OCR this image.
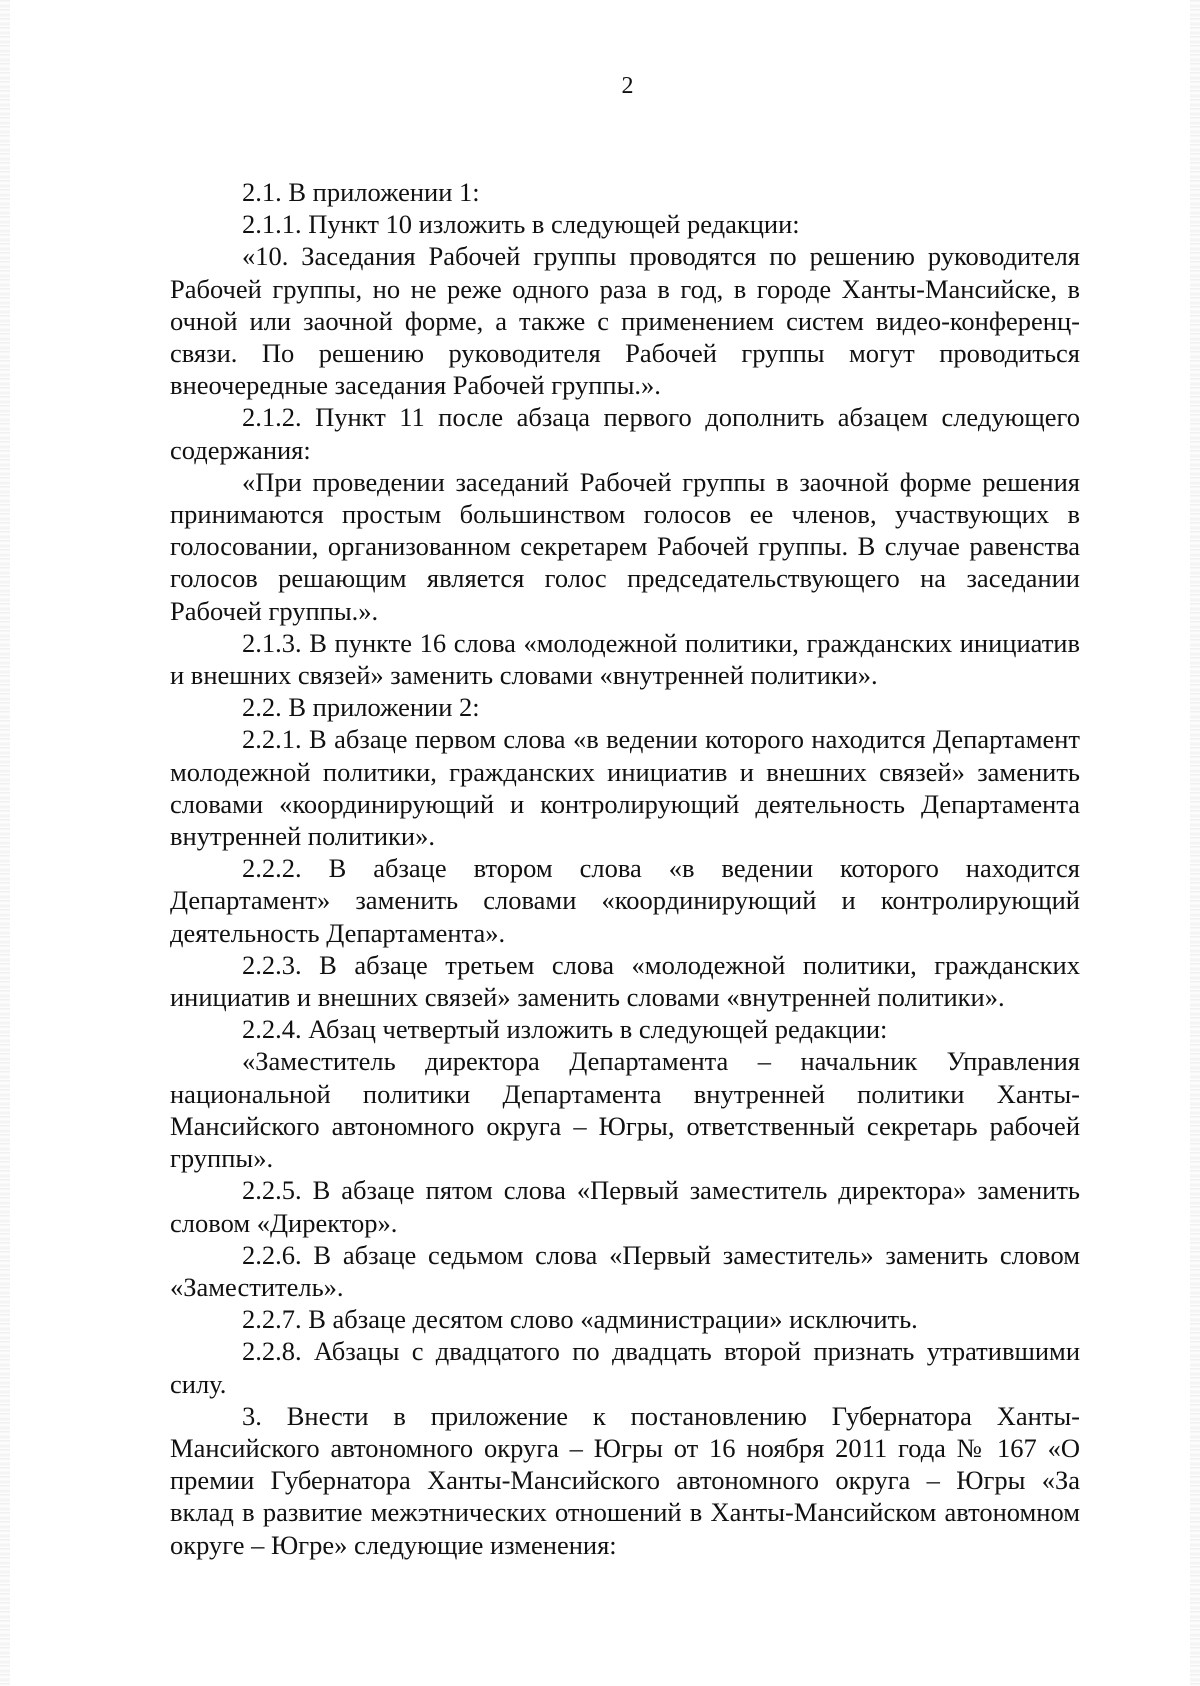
2

2.1. В приложении 1:

2.1.1. Пункт 10 изложить в следующей редакции:

«10. Заседания Рабочей группы проводятся по решению руководителя Рабочей группы, но не реже одного раза в год, в городе Ханты-Мансийске, в очной или заочной форме, а также с применением систем видео-конференц-связи. По решению руководителя Рабочей группы могут проводиться внеочередные заседания Рабочей группы.».

2.1.2. Пункт 11 после абзаца первого дополнить абзацем следующего содержания:

«При проведении заседаний Рабочей группы в заочной форме решения принимаются простым большинством голосов ее членов, участвующих в голосовании, организованном секретарем Рабочей группы. В случае равенства голосов решающим является голос председательствующего на заседании Рабочей группы.».

2.1.3. В пункте 16 слова «молодежной политики, гражданских инициатив и внешних связей» заменить словами «внутренней политики».

2.2. В приложении 2:

2.2.1. В абзаце первом слова «в ведении которого находится Департамент молодежной политики, гражданских инициатив и внешних связей» заменить словами «координирующий и контролирующий деятельность Департамента внутренней политики».

2.2.2. В абзаце втором слова «в ведении которого находится Департамент» заменить словами «координирующий и контролирующий деятельность Департамента».

2.2.3. В абзаце третьем слова «молодежной политики, гражданских инициатив и внешних связей» заменить словами «внутренней политики».

2.2.4. Абзац четвертый изложить в следующей редакции:

«Заместитель директора Департамента – начальник Управления национальной политики Департамента внутренней политики Ханты-Мансийского автономного округа – Югры, ответственный секретарь рабочей группы».

2.2.5. В абзаце пятом слова «Первый заместитель директора» заменить словом «Директор».

2.2.6. В абзаце седьмом слова «Первый заместитель» заменить словом «Заместитель».

2.2.7. В абзаце десятом слово «администрации» исключить.

2.2.8. Абзацы с двадцатого по двадцать второй признать утратившими силу.

3. Внести в приложение к постановлению Губернатора Ханты-Мансийского автономного округа – Югры от 16 ноября 2011 года № 167 «О премии Губернатора Ханты-Мансийского автономного округа – Югры «За вклад в развитие межэтнических отношений в Ханты-Мансийском автономном округе – Югре» следующие изменения:
